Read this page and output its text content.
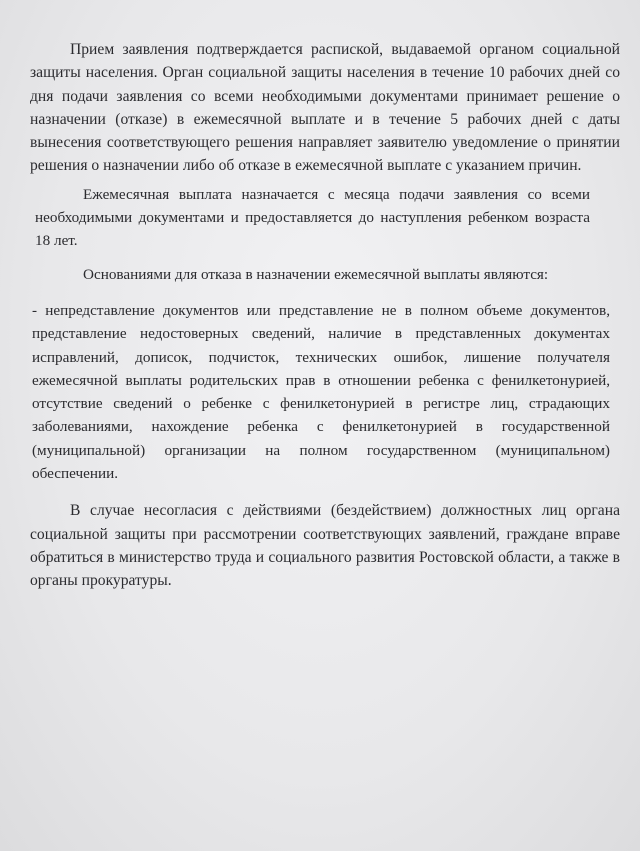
Прием заявления подтверждается распиской, выдаваемой органом социальной защиты населения. Орган социальной защиты населения в течение 10 рабочих дней со дня подачи заявления со всеми необходимыми документами принимает решение о назначении (отказе) в ежемесячной выплате и в течение 5 рабочих дней с даты вынесения соответствующего решения направляет заявителю уведомление о принятии решения о назначении либо об отказе в ежемесячной выплате с указанием причин.

Ежемесячная выплата назначается с месяца подачи заявления со всеми необходимыми документами и предоставляется до наступления ребенком возраста 18 лет.

Основаниями для отказа в назначении ежемесячной выплаты являются:

- непредставление документов или представление не в полном объеме документов, представление недостоверных сведений, наличие в представленных документах исправлений, дописок, подчисток, технических ошибок, лишение получателя ежемесячной выплаты родительских прав в отношении ребенка с фенилкетонурией, отсутствие сведений о ребенке с фенилкетонурией в регистре лиц, страдающих заболеваниями, нахождение ребенка с фенилкетонурией в государственной (муниципальной) организации на полном государственном (муниципальном) обеспечении.

В случае несогласия с действиями (бездействием) должностных лиц органа социальной защиты при рассмотрении соответствующих заявлений, граждане вправе обратиться в министерство труда и социального развития Ростовской области, а также в органы прокуратуры.
